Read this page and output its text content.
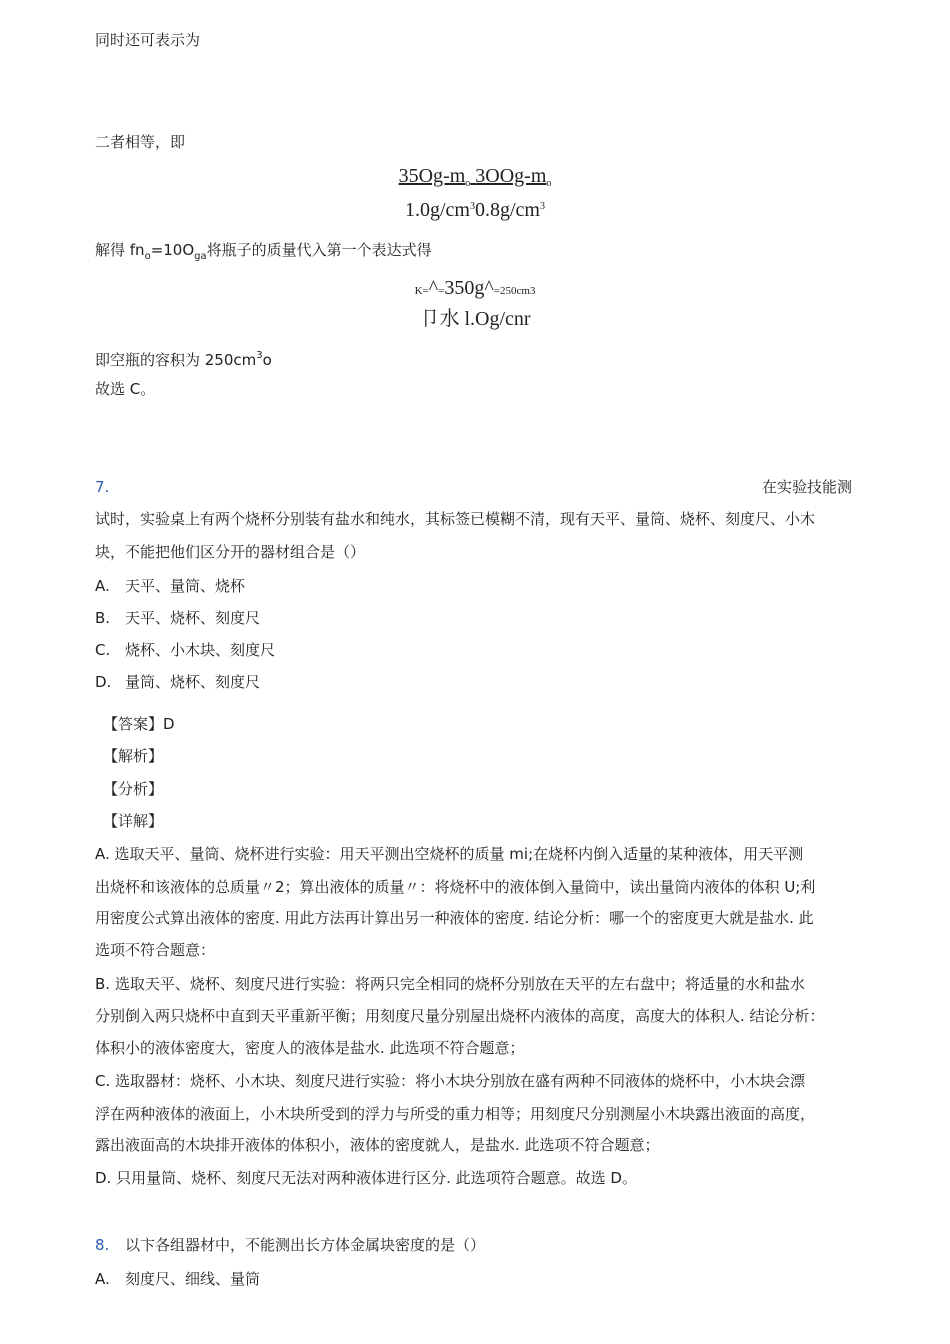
同时还可表示为
二者相等，即
$35Og-m_o$ $3OOg-m_o$
$1.0g/cm^30.8g/cm^3$
解得 $fn_o=10O_{ga}$将瓶子的质量代入第一个表达式得
K=^=350g^=250cm3
卩水 l.Og/cnr
即空瓶的容积为 $250cm^3o$
故选 C。
7.	在实验技能测
试时，实验桌上有两个烧杯分别装有盐水和纯水，其标签已模糊不清，现有天平、量筒、烧杯、刻度尺、小木
块，不能把他们区分开的器材组合是（）
A. 天平、量筒、烧杯
B. 天平、烧杯、刻度尺
C. 烧杯、小木块、刻度尺
D. 量筒、烧杯、刻度尺
【答案】D
【解析】
【分析】
【详解】
A. 选取天平、量筒、烧杯进行实验：用天平测出空烧杯的质量 mi;在烧杯内倒入适量的某种液体，用天平测
出烧杯和该液体的总质量〃2；算出液体的质量〃：将烧杯中的液体倒入量筒中，读出量筒内液体的体积 U;利
用密度公式算出液体的密度. 用此方法再计算出另一种液体的密度. 结论分析：哪一个的密度更大就是盐水. 此
选项不符合题意：
B. 选取天平、烧杯、刻度尺进行实验：将两只完全相同的烧杯分别放在天平的左右盘中；将适量的水和盐水
分别倒入两只烧杯中直到天平重新平衡；用刻度尺量分别屋出烧杯内液体的高度，高度大的体积人. 结论分析：
体积小的液体密度大，密度人的液体是盐水. 此选项不符合题意；
C. 选取器材：烧杯、小木块、刻度尺进行实验：将小木块分别放在盛有两种不同液体的烧杯中，小木块会漂
浮在两种液体的液面上，小木块所受到的浮力与所受的重力相等；用刻度尺分别测屋小木块露出液面的高度，
露出液面高的木块排开液体的体积小，液体的密度就人，是盐水. 此选项不符合题意；
D. 只用量筒、烧杯、刻度尺无法对两种液体进行区分. 此选项符合题意。故选 D。
8. 以卞各组器材中，不能测出长方体金属块密度的是（）
A. 刻度尺、细线、量筒
